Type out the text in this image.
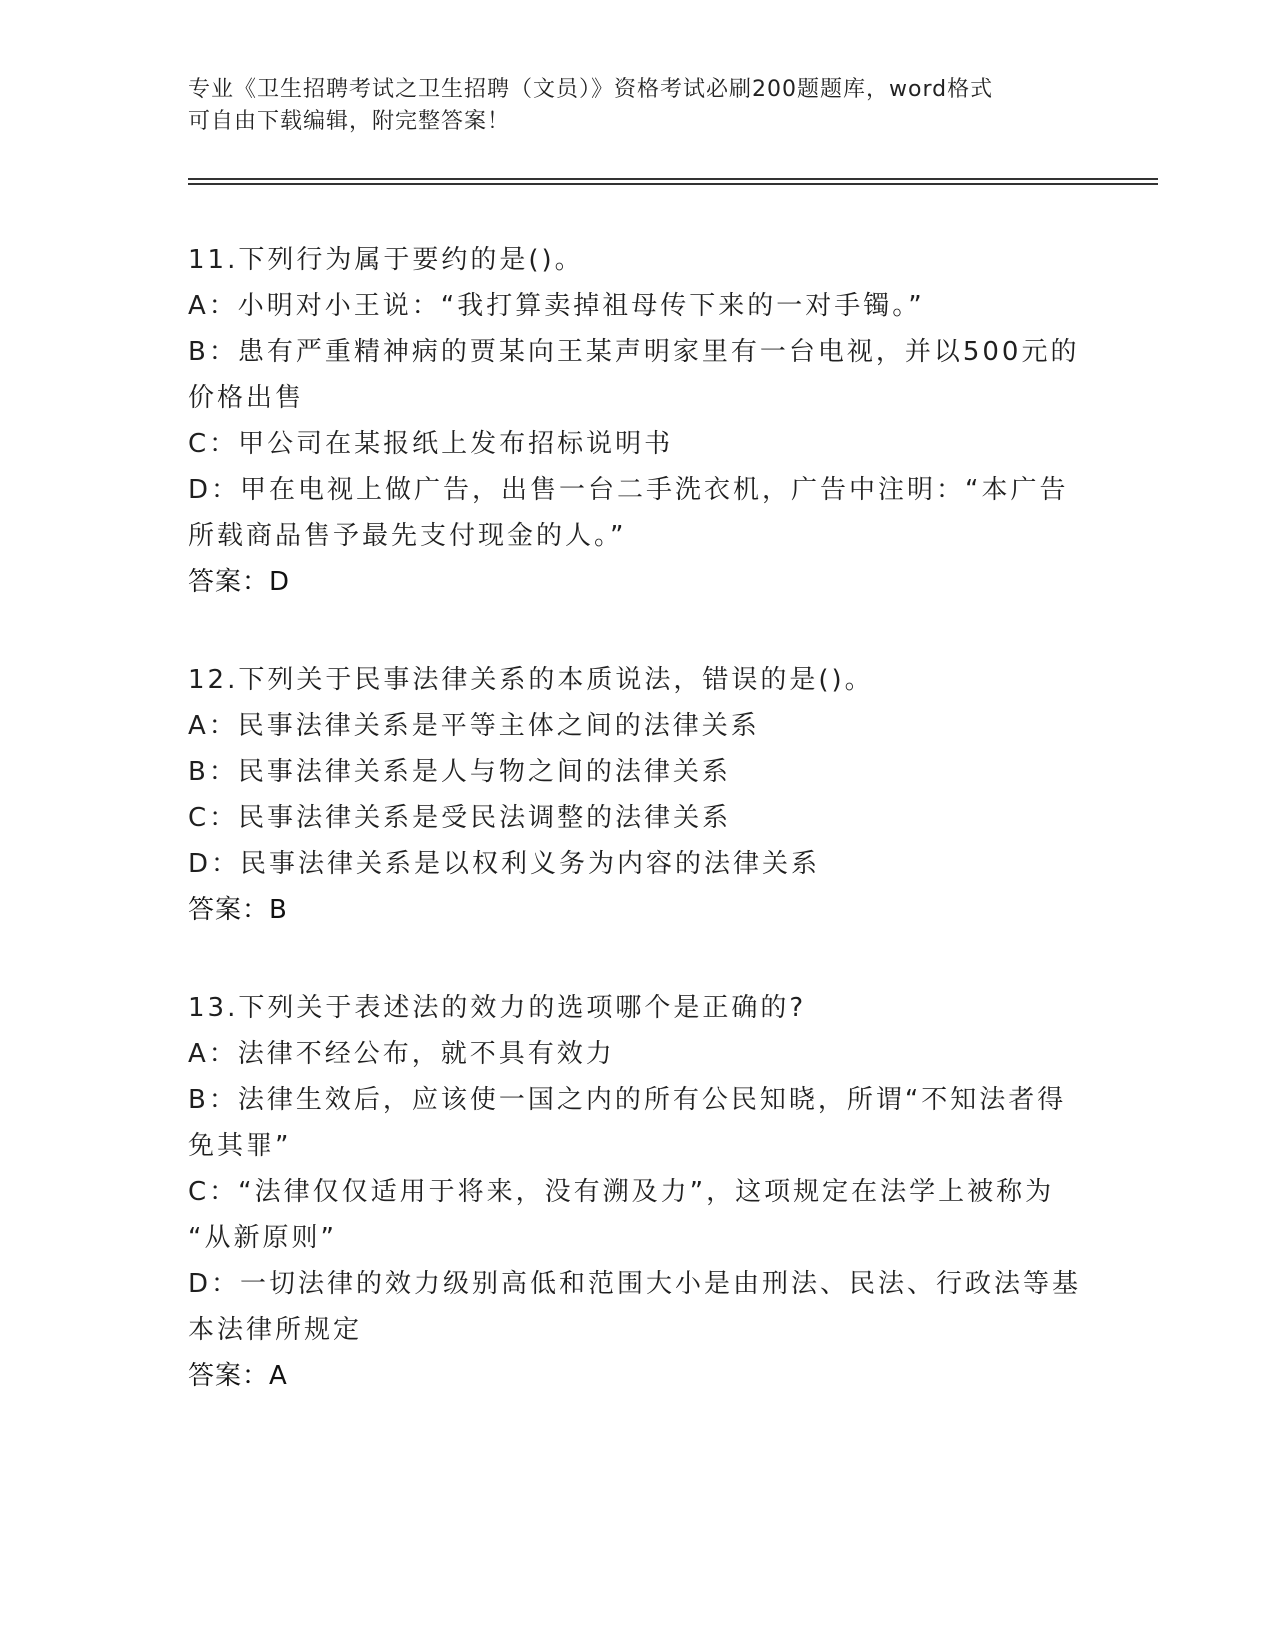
专业《卫生招聘考试之卫生招聘（文员）》资格考试必刷200题题库，word格式
可自由下载编辑，附完整答案！
11.下列行为属于要约的是()。
A：小明对小王说：“我打算卖掉祖母传下来的一对手镯。”
B：患有严重精神病的贾某向王某声明家里有一台电视，并以500元的
价格出售
C：甲公司在某报纸上发布招标说明书
D：甲在电视上做广告，出售一台二手洗衣机，广告中注明：“本广告
所载商品售予最先支付现金的人。”
答案：D
12.下列关于民事法律关系的本质说法，错误的是()。
A：民事法律关系是平等主体之间的法律关系
B：民事法律关系是人与物之间的法律关系
C：民事法律关系是受民法调整的法律关系
D：民事法律关系是以权利义务为内容的法律关系
答案：B
13.下列关于表述法的效力的选项哪个是正确的?
A：法律不经公布，就不具有效力
B：法律生效后，应该使一国之内的所有公民知晓，所谓“不知法者得
免其罪”
C：“法律仅仅适用于将来，没有溯及力”，这项规定在法学上被称为
“从新原则”
D：一切法律的效力级别高低和范围大小是由刑法、民法、行政法等基
本法律所规定
答案：A
